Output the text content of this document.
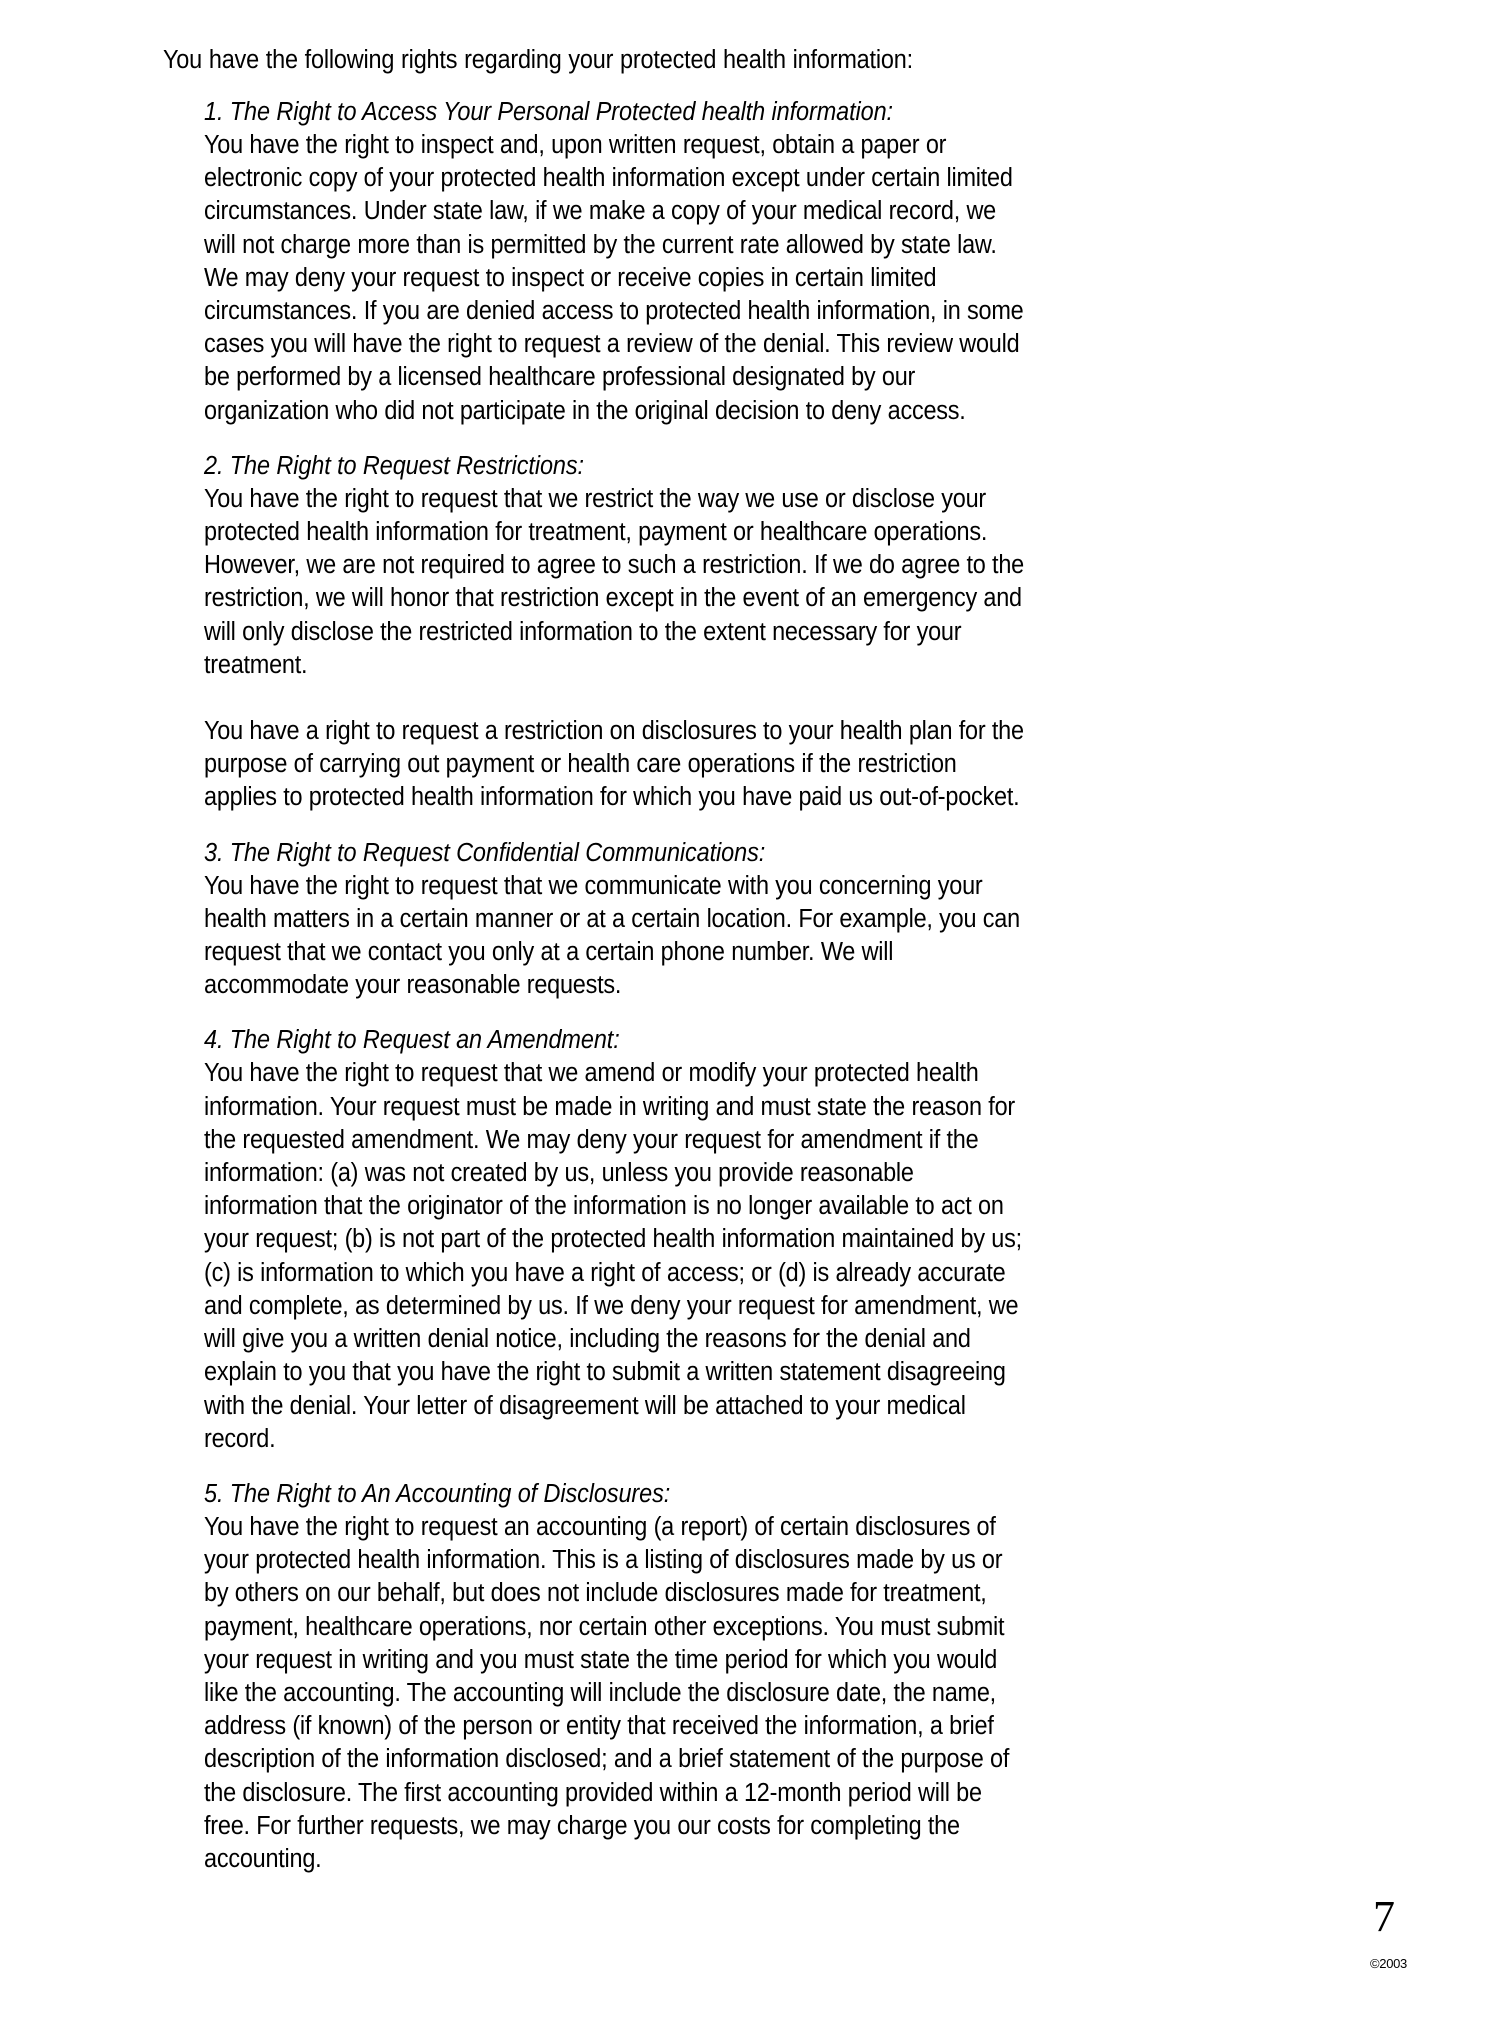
You have the following rights regarding your protected health information:
1. The Right to Access Your Personal Protected health information:

You have the right to inspect and, upon written request, obtain a paper or electronic copy of your protected health information except under certain limited circumstances. Under state law, if we make a copy of your medical record, we will not charge more than is permitted by the current rate allowed by state law. We may deny your request to inspect or receive copies in certain limited circumstances. If you are denied access to protected health information, in some cases you will have the right to request a review of the denial. This review would be performed by a licensed healthcare professional designated by our organization who did not participate in the original decision to deny access.

2. The Right to Request Restrictions:

You have the right to request that we restrict the way we use or disclose your protected health information for treatment, payment or healthcare operations. However, we are not required to agree to such a restriction. If we do agree to the restriction, we will honor that restriction except in the event of an emergency and will only disclose the restricted information to the extent necessary for your treatment.

You have a right to request a restriction on disclosures to your health plan for the purpose of carrying out payment or health care operations if the restriction applies to protected health information for which you have paid us out-of-pocket.

3. The Right to Request Confidential Communications:

You have the right to request that we communicate with you concerning your health matters in a certain manner or at a certain location. For example, you can request that we contact you only at a certain phone number. We will accommodate your reasonable requests.

4. The Right to Request an Amendment:

You have the right to request that we amend or modify your protected health information. Your request must be made in writing and must state the reason for the requested amendment. We may deny your request for amendment if the information: (a) was not created by us, unless you provide reasonable information that the originator of the information is no longer available to act on your request; (b) is not part of the protected health information maintained by us; (c) is information to which you have a right of access; or (d) is already accurate and complete, as determined by us. If we deny your request for amendment, we will give you a written denial notice, including the reasons for the denial and explain to you that you have the right to submit a written statement disagreeing with the denial. Your letter of disagreement will be attached to your medical record.

5. The Right to An Accounting of Disclosures:

You have the right to request an accounting (a report) of certain disclosures of your protected health information. This is a listing of disclosures made by us or by others on our behalf, but does not include disclosures made for treatment, payment, healthcare operations, nor certain other exceptions. You must submit your request in writing and you must state the time period for which you would like the accounting. The accounting will include the disclosure date, the name, address (if known) of the person or entity that received the information, a brief description of the information disclosed; and a brief statement of the purpose of the disclosure. The first accounting provided within a 12-month period will be free. For further requests, we may charge you our costs for completing the accounting.

7
©2003
